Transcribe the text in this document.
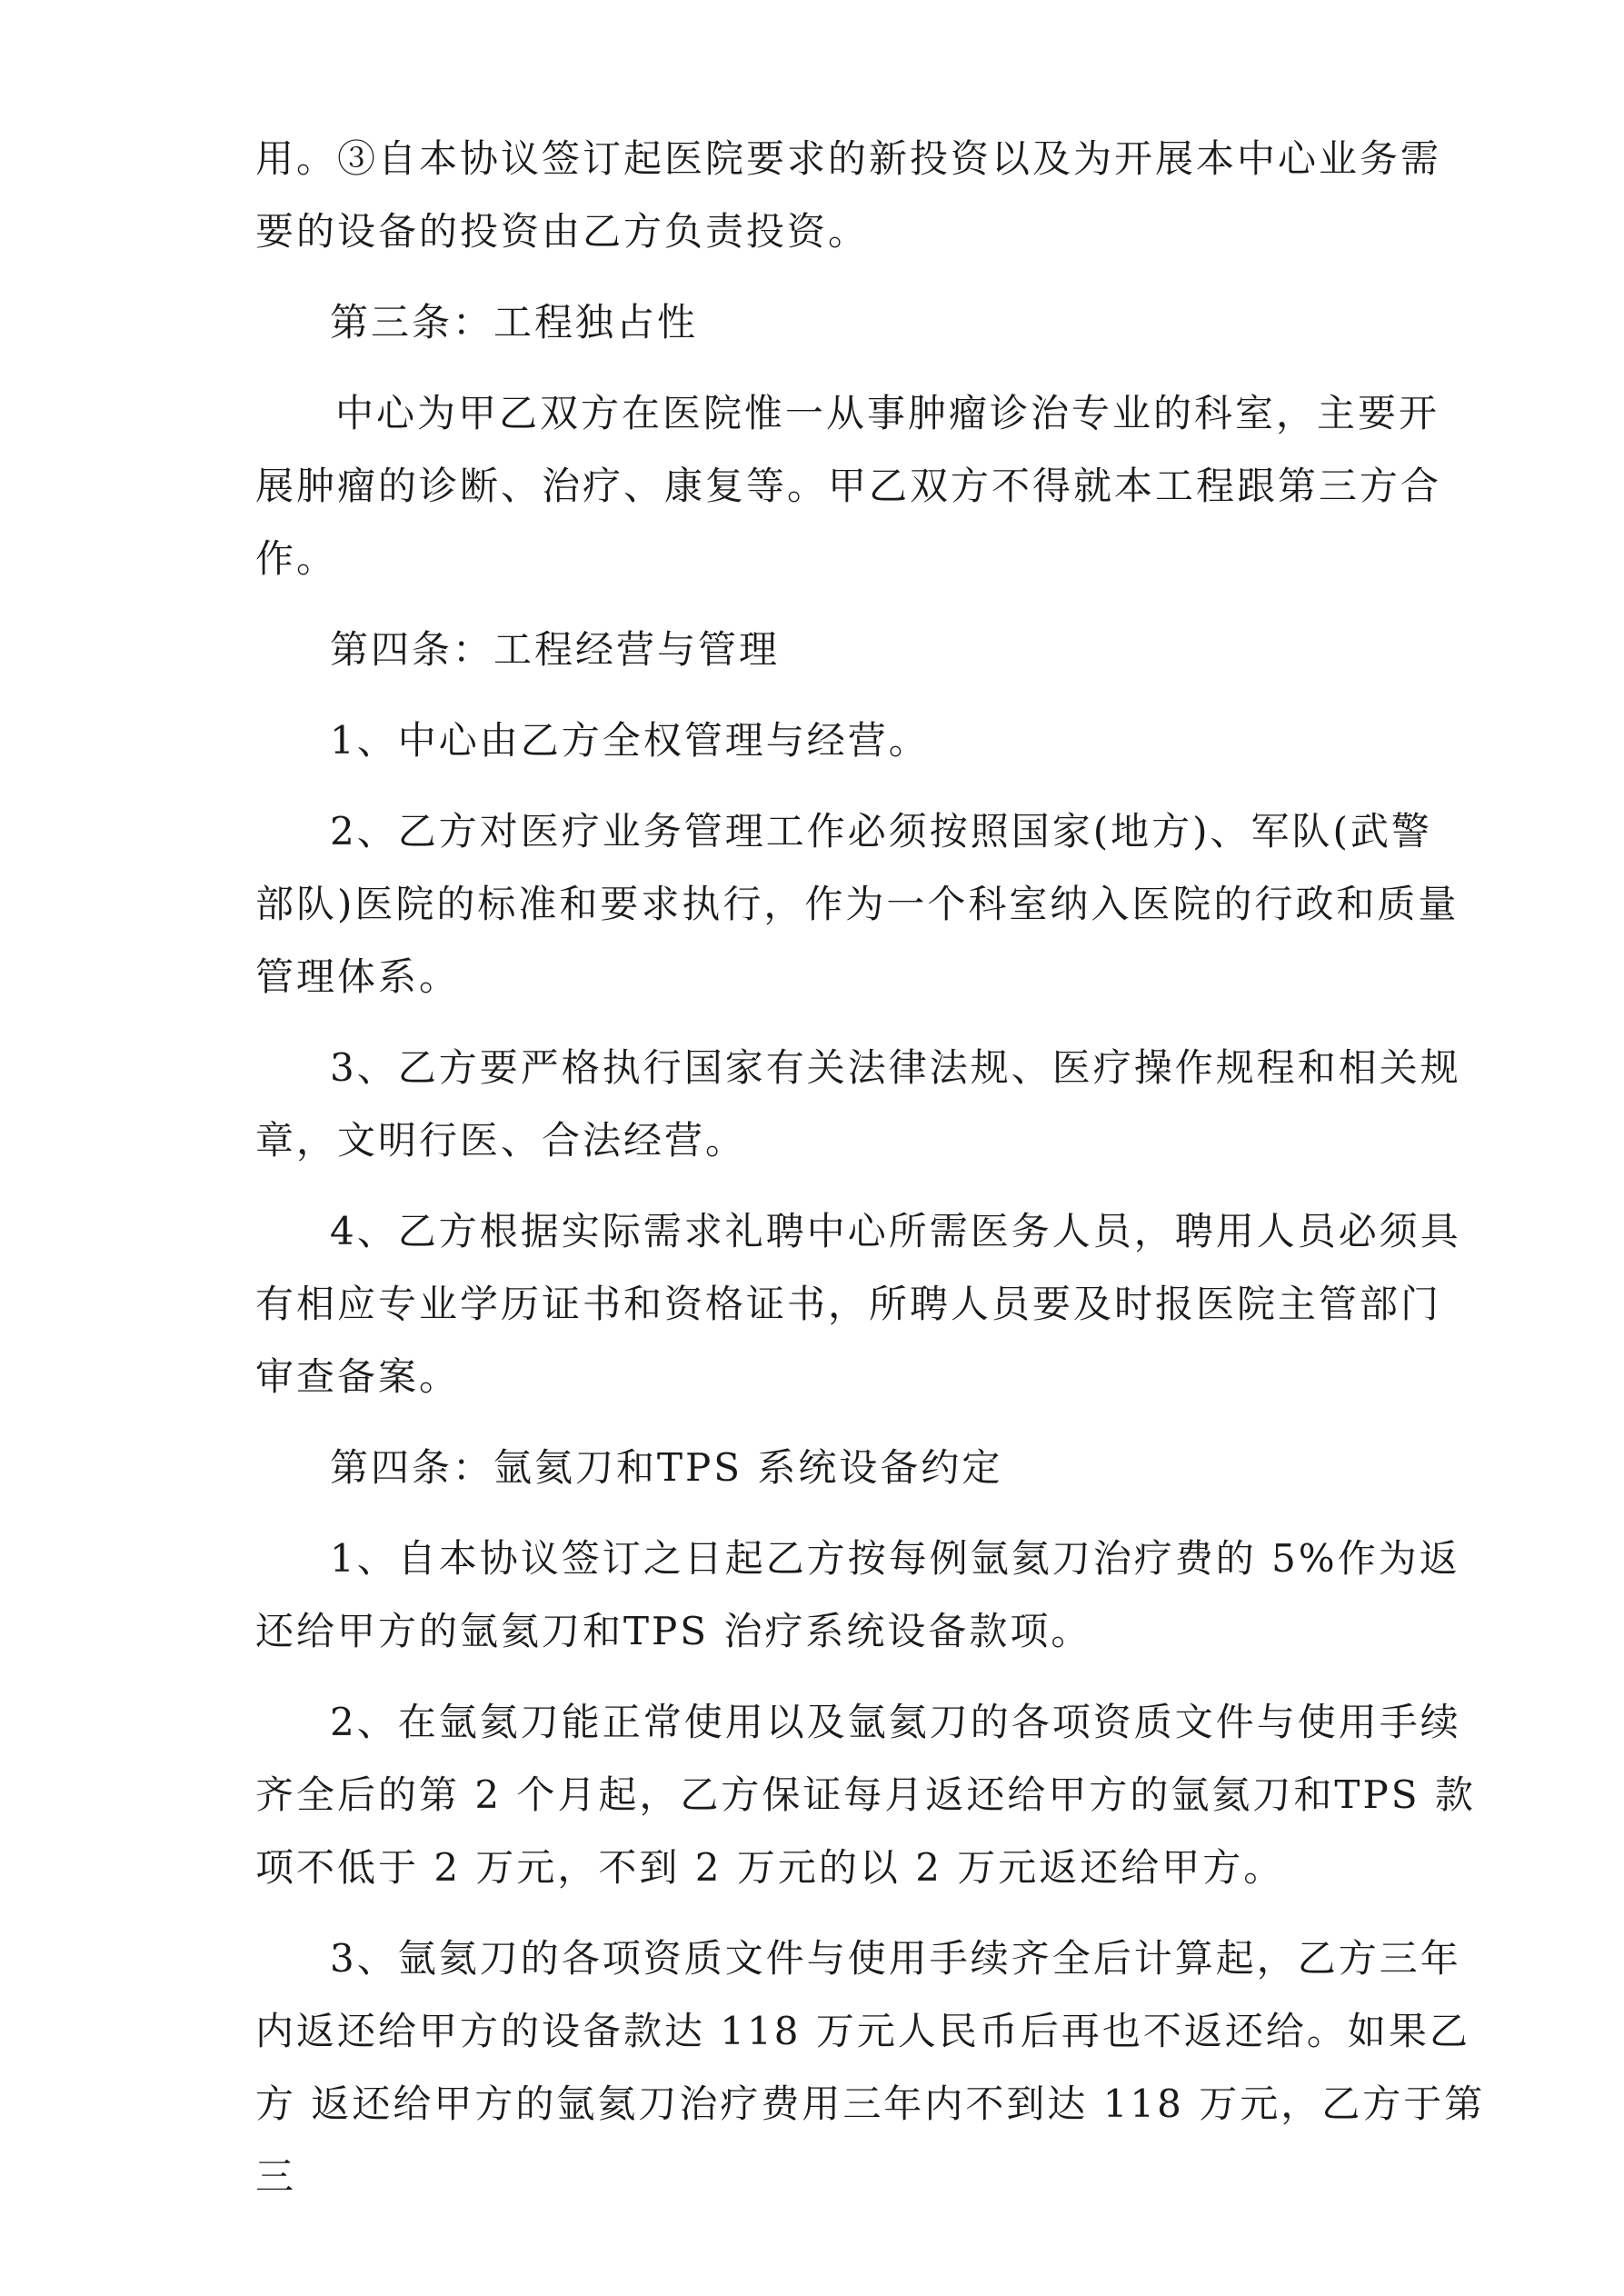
用。③自本协议签订起医院要求的新投资以及为开展本中心业务需
要的设备的投资由乙方负责投资。
第三条：工程独占性
中心为甲乙双方在医院惟一从事肿瘤诊治专业的科室，主要开
展肿瘤的诊断、治疗、康复等。甲乙双方不得就本工程跟第三方合
作。
第四条：工程经营与管理
1、中心由乙方全权管理与经营。
2、乙方对医疗业务管理工作必须按照国家(地方)、军队(武警
部队)医院的标准和要求执行，作为一个科室纳入医院的行政和质量
管理体系。
3、乙方要严格执行国家有关法律法规、医疗操作规程和相关规
章，文明行医、合法经营。
4、乙方根据实际需求礼聘中心所需医务人员，聘用人员必须具
有相应专业学历证书和资格证书，所聘人员要及时报医院主管部门
审查备案。
第四条：氩氦刀和TPS 系统设备约定
1、自本协议签订之日起乙方按每例氩氦刀治疗费的 5%作为返
还给甲方的氩氦刀和TPS 治疗系统设备款项。
2、在氩氦刀能正常使用以及氩氦刀的各项资质文件与使用手续
齐全后的第 2 个月起，乙方保证每月返还给甲方的氩氦刀和TPS 款
项不低于 2 万元，不到 2 万元的以 2 万元返还给甲方。
3、氩氦刀的各项资质文件与使用手续齐全后计算起，乙方三年
内返还给甲方的设备款达 118 万元人民币后再也不返还给。如果乙
方 返还给甲方的氩氦刀治疗费用三年内不到达 118 万元，乙方于第
三
